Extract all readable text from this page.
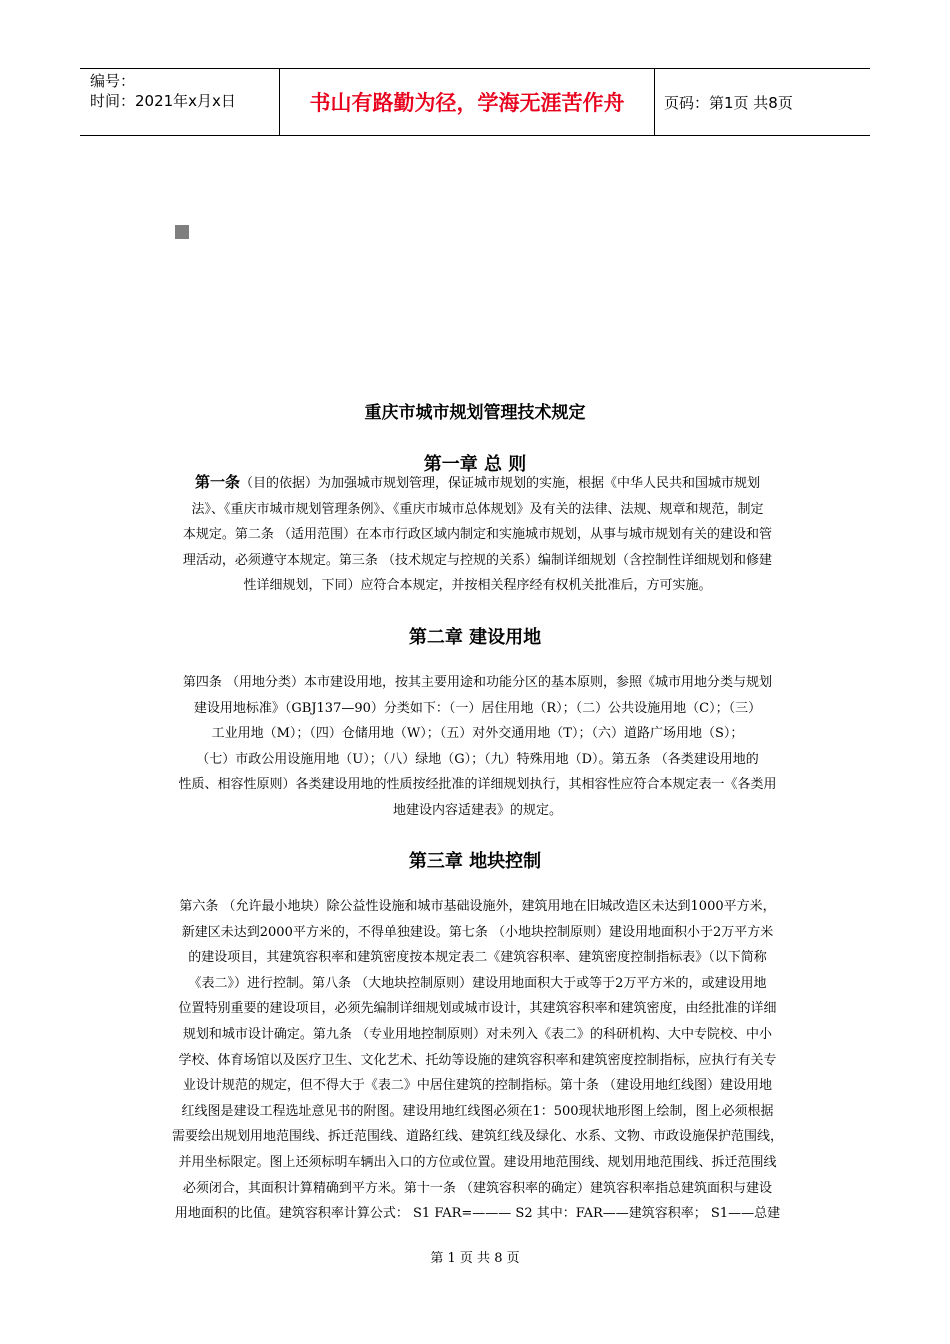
编号：
时间：2021年x月x日	书山有路勤为径，学海无涯苦作舟	页码：第1页 共8页
重庆市城市规划管理技术规定
第一章 总 则

第一条（目的依据）为加强城市规划管理，保证城市规划的实施，根据《中华人民共和国城市规划
法》、《重庆市城市规划管理条例》、《重庆市城市总体规划》及有关的法律、法规、规章和规范，制定
本规定。第二条 （适用范围）在本市行政区域内制定和实施城市规划，从事与城市规划有关的建设和管
理活动，必须遵守本规定。第三条 （技术规定与控规的关系）编制详细规划（含控制性详细规划和修建
性详细规划，下同）应符合本规定，并按相关程序经有权机关批准后，方可实施。

第二章 建设用地

第四条 （用地分类）本市建设用地，按其主要用途和功能分区的基本原则，参照《城市用地分类与规划
建设用地标准》（GBJ137—90）分类如下：（一）居住用地（R）；（二）公共设施用地（C）；（三）
工业用地（M）；（四）仓储用地（W）；（五）对外交通用地（T）；（六）道路广场用地（S）；
（七）市政公用设施用地（U）；（八）绿地（G）；（九）特殊用地（D）。第五条 （各类建设用地的
性质、相容性原则）各类建设用地的性质按经批准的详细规划执行，其相容性应符合本规定表一《各类用
地建设内容适建表》的规定。

第三章 地块控制

第六条 （允许最小地块）除公益性设施和城市基础设施外，建筑用地在旧城改造区未达到1000平方米，
新建区未达到2000平方米的，不得单独建设。第七条 （小地块控制原则）建设用地面积小于2万平方米
的建设项目，其建筑容积率和建筑密度按本规定表二《建筑容积率、建筑密度控制指标表》（以下简称
《表二》）进行控制。第八条 （大地块控制原则）建设用地面积大于或等于2万平方米的，或建设用地
位置特别重要的建设项目，必须先编制详细规划或城市设计，其建筑容积率和建筑密度，由经批准的详细
规划和城市设计确定。第九条 （专业用地控制原则）对未列入《表二》的科研机构、大中专院校、中小
学校、体育场馆以及医疗卫生、文化艺术、托幼等设施的建筑容积率和建筑密度控制指标，应执行有关专
业设计规范的规定，但不得大于《表二》中居住建筑的控制指标。第十条 （建设用地红线图）建设用地
红线图是建设工程选址意见书的附图。建设用地红线图必须在1：500现状地形图上绘制，图上必须根据
需要绘出规划用地范围线、拆迁范围线、道路红线、建筑红线及绿化、水系、文物、市政设施保护范围线，
并用坐标限定。图上还须标明车辆出入口的方位或位置。建设用地范围线、规划用地范围线、拆迁范围线
必须闭合，其面积计算精确到平方米。第十一条 （建筑容积率的确定）建筑容积率指总建筑面积与建设
用地面积的比值。建筑容积率计算公式： S1 FAR=——— S2 其中：FAR——建筑容积率； S1——总建

第 1 页 共 8 页
